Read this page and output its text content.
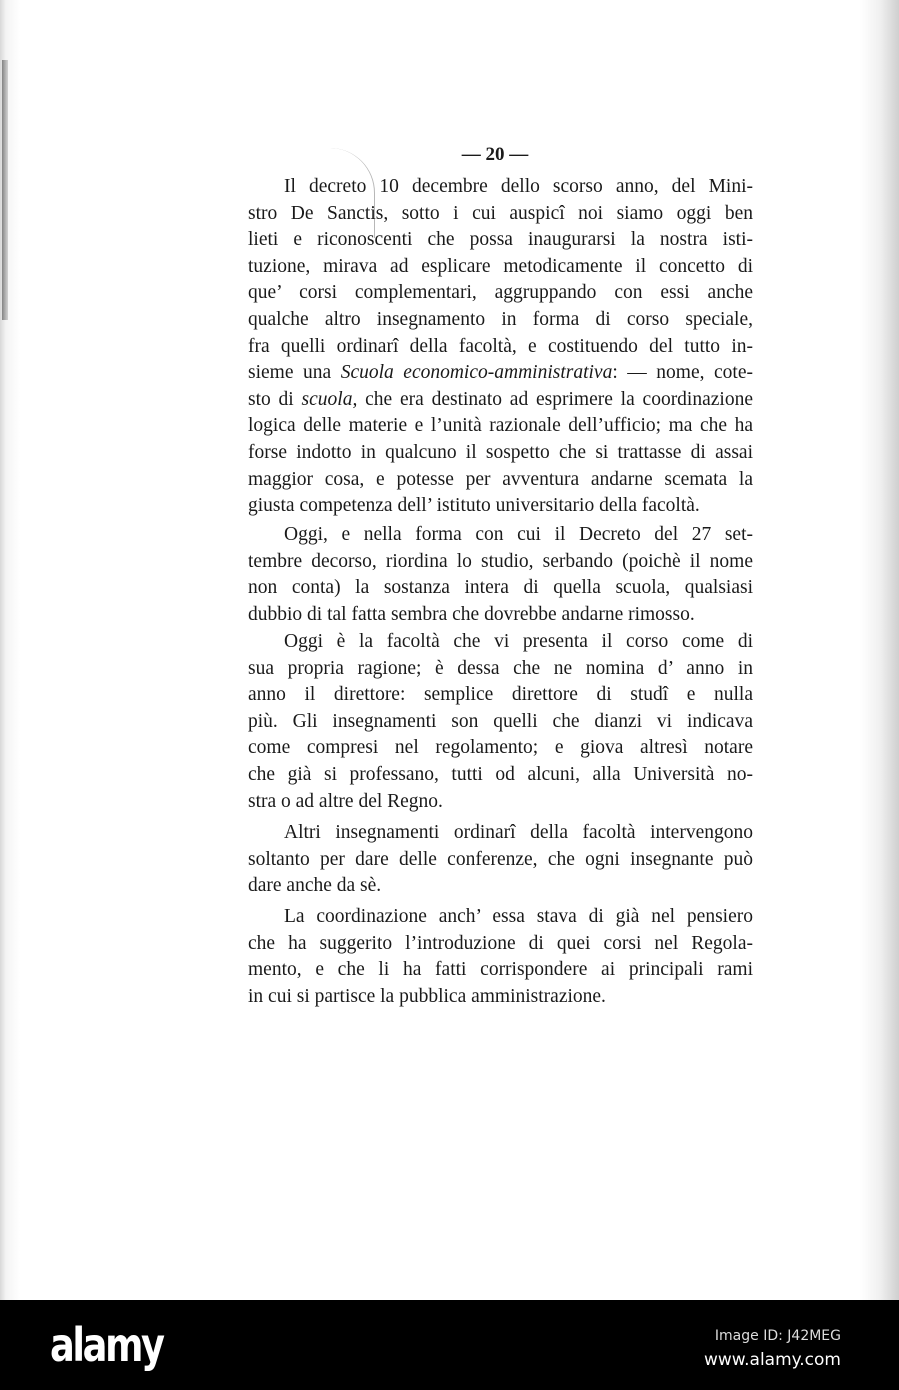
— 20 —
Il decreto 10 decembre dello scorso anno, del Mini-
stro De Sanctis, sotto i cui auspicî noi siamo oggi ben
lieti e riconoscenti che possa inaugurarsi la nostra isti-
tuzione, mirava ad esplicare metodicamente il concetto di
que’ corsi complementari, aggruppando con essi anche
qualche altro insegnamento in forma di corso speciale,
fra quelli ordinarî della facoltà, e costituendo del tutto in-
sieme una Scuola economico-amministrativa: — nome, cote-
sto di scuola, che era destinato ad esprimere la coordinazione
logica delle materie e l’unità razionale dell’ufficio; ma che ha
forse indotto in qualcuno il sospetto che si trattasse di assai
maggior cosa, e potesse per avventura andarne scemata la
giusta competenza dell’ istituto universitario della facoltà.
Oggi, e nella forma con cui il Decreto del 27 set-
tembre decorso, riordina lo studio, serbando (poichè il nome
non conta) la sostanza intera di quella scuola, qualsiasi
dubbio di tal fatta sembra che dovrebbe andarne rimosso.
Oggi è la facoltà che vi presenta il corso come di
sua propria ragione; è dessa che ne nomina d’ anno in
anno il direttore: semplice direttore di studî e nulla
più. Gli insegnamenti son quelli che dianzi vi indicava
come compresi nel regolamento; e giova altresì notare
che già si professano, tutti od alcuni, alla Università no-
stra o ad altre del Regno.
Altri insegnamenti ordinarî della facoltà intervengono
soltanto per dare delle conferenze, che ogni insegnante può
dare anche da sè.
La coordinazione anch’ essa stava di già nel pensiero
che ha suggerito l’introduzione di quei corsi nel Regola-
mento, e che li ha fatti corrispondere ai principali rami
in cui si partisce la pubblica amministrazione.
alamy	Image ID: J42MEG
www.alamy.com
